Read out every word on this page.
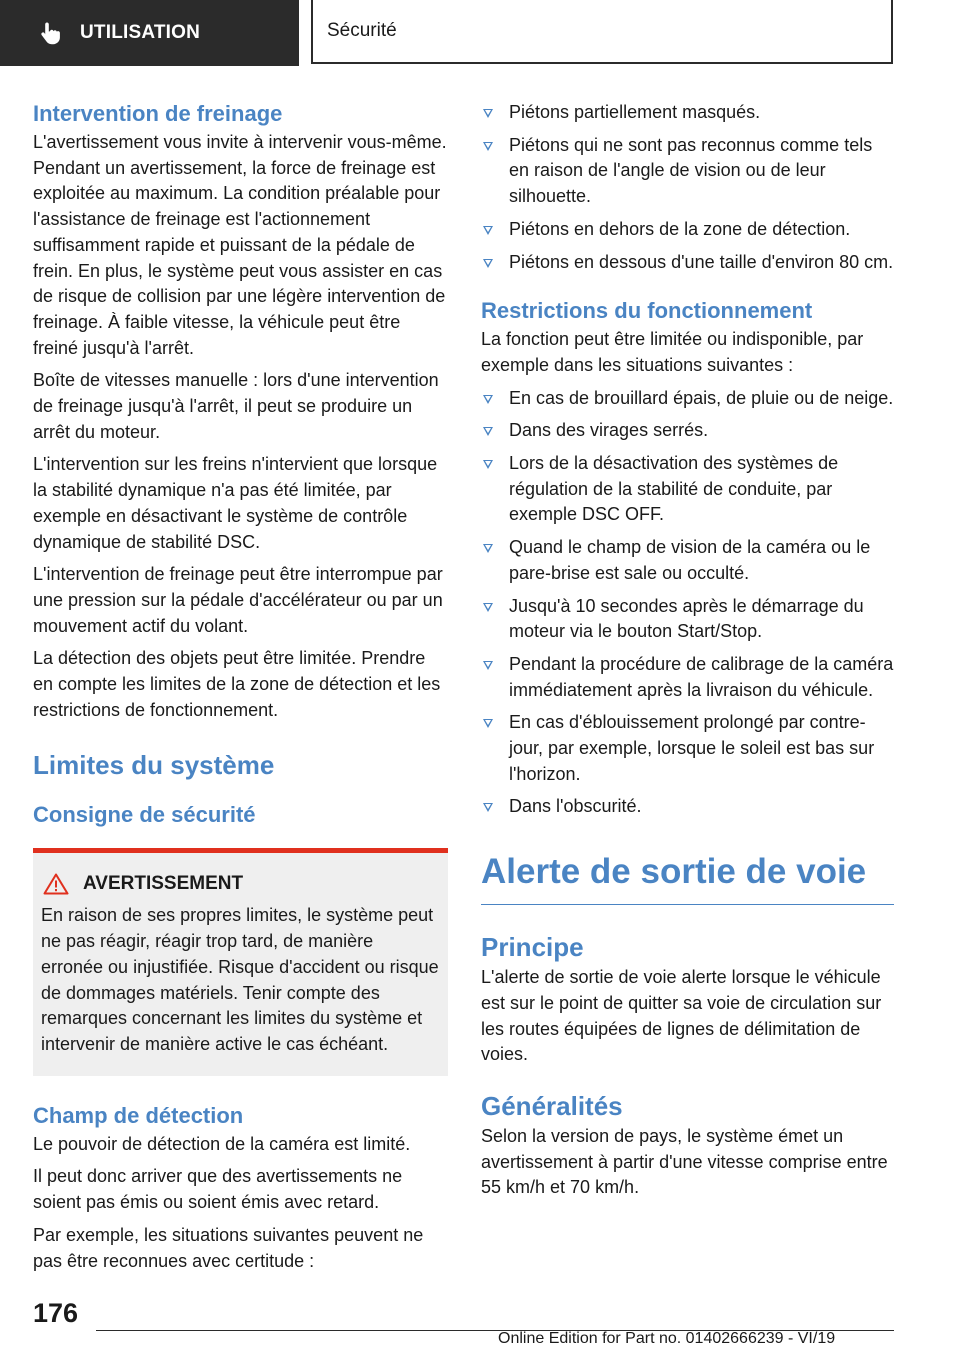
UTILISATION	Sécurité
Intervention de freinage

L'avertissement vous invite à intervenir vous-même. Pendant un avertissement, la force de freinage est exploitée au maximum. La condition préalable pour l'assistance de freinage est l'actionnement suffisamment rapide et puissant de la pédale de frein. En plus, le système peut vous assister en cas de risque de collision par une légère intervention de freinage. À faible vitesse, la véhicule peut être freiné jusqu'à l'arrêt.

Boîte de vitesses manuelle : lors d'une intervention de freinage jusqu'à l'arrêt, il peut se produire un arrêt du moteur.

L'intervention sur les freins n'intervient que lorsque la stabilité dynamique n'a pas été limitée, par exemple en désactivant le système de contrôle dynamique de stabilité DSC.

L'intervention de freinage peut être interrompue par une pression sur la pédale d'accélérateur ou par un mouvement actif du volant.

La détection des objets peut être limitée. Prendre en compte les limites de la zone de détection et les restrictions de fonctionnement.

Limites du système
Consigne de sécurité
AVERTISSEMENT

En raison de ses propres limites, le système peut ne pas réagir, réagir trop tard, de manière erronée ou injustifiée. Risque d'accident ou risque de dommages matériels. Tenir compte des remarques concernant les limites du système et intervenir de manière active le cas échéant.

Champ de détection

Le pouvoir de détection de la caméra est limité.

Il peut donc arriver que des avertissements ne soient pas émis ou soient émis avec retard.

Par exemple, les situations suivantes peuvent ne pas être reconnues avec certitude :

Piétons partiellement masqués.
Piétons qui ne sont pas reconnus comme tels en raison de l'angle de vision ou de leur silhouette.
Piétons en dehors de la zone de détection.
Piétons en dessous d'une taille d'environ 80 cm.
Restrictions du fonctionnement

La fonction peut être limitée ou indisponible, par exemple dans les situations suivantes :

En cas de brouillard épais, de pluie ou de neige.
Dans des virages serrés.
Lors de la désactivation des systèmes de régulation de la stabilité de conduite, par exemple DSC OFF.
Quand le champ de vision de la caméra ou le pare-brise est sale ou occulté.
Jusqu'à 10 secondes après le démarrage du moteur via le bouton Start/Stop.
Pendant la procédure de calibrage de la caméra immédiatement après la livraison du véhicule.
En cas d'éblouissement prolongé par contre-jour, par exemple, lorsque le soleil est bas sur l'horizon.
Dans l'obscurité.
Alerte de sortie de voie
Principe

L'alerte de sortie de voie alerte lorsque le véhicule est sur le point de quitter sa voie de circulation sur les routes équipées de lignes de délimitation de voies.

Généralités

Selon la version de pays, le système émet un avertissement à partir d'une vitesse comprise entre 55 km/h et 70 km/h.

176
Online Edition for Part no. 01402666239 - VI/19
